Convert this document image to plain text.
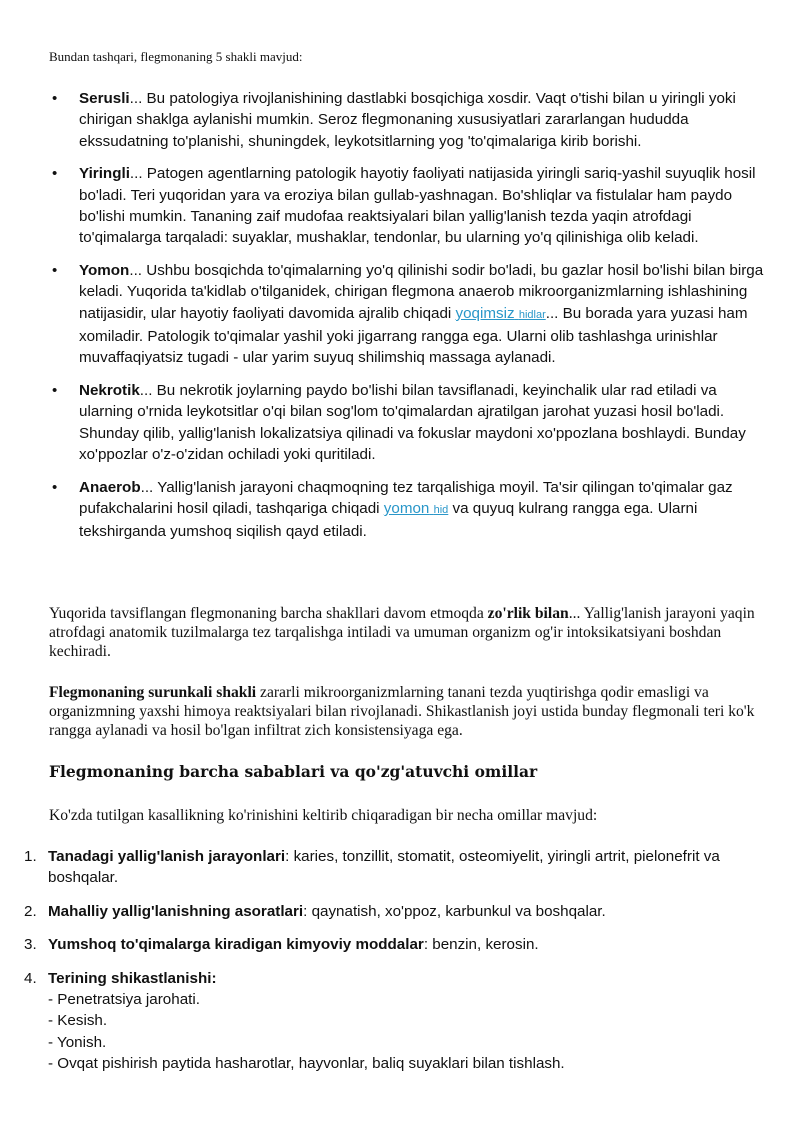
Bundan tashqari, flegmonaning 5 shakli mavjud:
• Serusli... Bu patologiya rivojlanishining dastlabki bosqichiga xosdir. Vaqt o'tishi bilan u yiringli yoki chirigan shaklga aylanishi mumkin. Seroz flegmonaning xususiyatlari zararlangan hududda ekssudatning to'planishi, shuningdek, leykotsitlarning yog 'to'qimalariga kirib borishi.
• Yiringli... Patogen agentlarning patologik hayotiy faoliyati natijasida yiringli sariq-yashil suyuqlik hosil bo'ladi. Teri yuqoridan yara va eroziya bilan gullab-yashnagan. Bo'shliqlar va fistulalar ham paydo bo'lishi mumkin. Tananing zaif mudofaa reaktsiyalari bilan yallig'lanish tezda yaqin atrofdagi to'qimalarga tarqaladi: suyaklar, mushaklar, tendonlar, bu ularning yo'q qilinishiga olib keladi.
• Yomon... Ushbu bosqichda to'qimalarning yo'q qilinishi sodir bo'ladi, bu gazlar hosil bo'lishi bilan birga keladi. Yuqorida ta'kidlab o'tilganidek, chirigan flegmona anaerob mikroorganizmlarning ishlashining natijasidir, ular hayotiy faoliyati davomida ajralib chiqadi yoqimsiz hidlar... Bu borada yara yuzasi ham xomiladir. Patologik to'qimalar yashil yoki jigarrang rangga ega. Ularni olib tashlashga urinishlar muvaffaqiyatsiz tugadi - ular yarim suyuq shilimshiq massaga aylanadi.
• Nekrotik... Bu nekrotik joylarning paydo bo'lishi bilan tavsiflanadi, keyinchalik ular rad etiladi va ularning o'rnida leykotsitlar o'qi bilan sog'lom to'qimalardan ajratilgan jarohat yuzasi hosil bo'ladi. Shunday qilib, yallig'lanish lokalizatsiya qilinadi va fokuslar maydoni xo'ppozlana boshlaydi. Bunday xo'ppozlar o'z-o'zidan ochiladi yoki quritiladi.
• Anaerob... Yallig'lanish jarayoni chaqmoqning tez tarqalishiga moyil. Ta'sir qilingan to'qimalar gaz pufakchalarini hosil qiladi, tashqariga chiqadi yomon hid va quyuq kulrang rangga ega. Ularni tekshirganda yumshoq siqilish qayd etiladi.
Yuqorida tavsiflangan flegmonaning barcha shakllari davom etmoqda zo'rlik bilan... Yallig'lanish jarayoni yaqin atrofdagi anatomik tuzilmalarga tez tarqalishga intiladi va umuman organizm og'ir intoksikatsiyani boshdan kechiradi.
Flegmonaning surunkali shakli zararli mikroorganizmlarning tanani tezda yuqtirishga qodir emasligi va organizmning yaxshi himoya reaktsiyalari bilan rivojlanadi. Shikastlanish joyi ustida bunday flegmonali teri ko'k rangga aylanadi va hosil bo'lgan infiltrat zich konsistensiyaga ega.
Flegmonaning barcha sabablari va qo'zg'atuvchi omillar
Ko'zda tutilgan kasallikning ko'rinishini keltirib chiqaradigan bir necha omillar mavjud:
1. Tanadagi yallig'lanish jarayonlari: karies, tonzillit, stomatit, osteomiyelit, yiringli artrit, pielonefrit va boshqalar.
2. Mahalliy yallig'lanishning asoratlari: qaynatish, xo'ppoz, karbunkul va boshqalar.
3. Yumshoq to'qimalarga kiradigan kimyoviy moddalar: benzin, kerosin.
4. Terining shikastlanishi:
- Penetratsiya jarohati.
- Kesish.
- Yonish.
- Ovqat pishirish paytida hasharotlar, hayvonlar, baliq suyaklari bilan tishlash.
